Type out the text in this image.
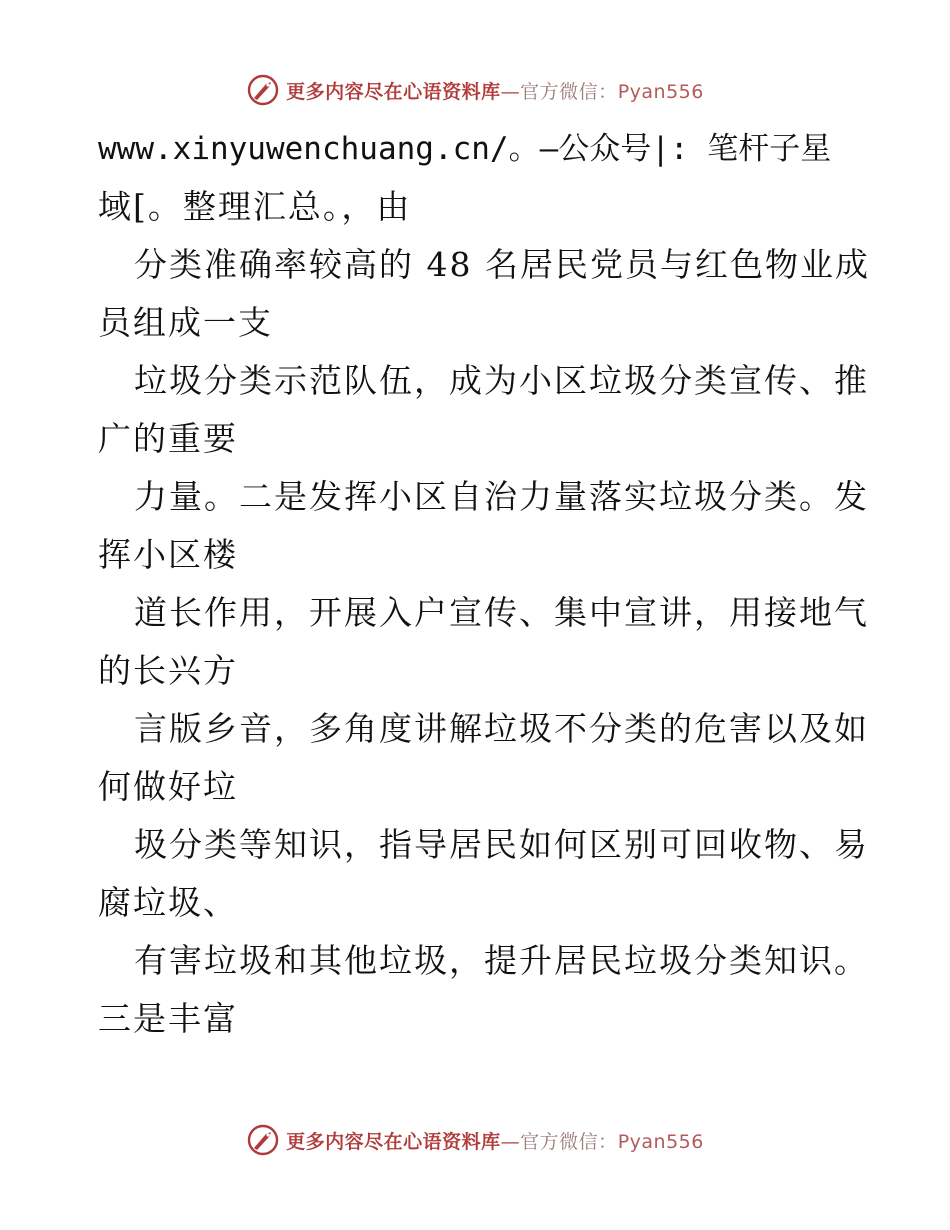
更多内容尽在心语资料库—官方微信：Pyan556
www.xinyuwenchuang.cn/。—公众号|: 笔杆子星
域[。整理汇总。，由
分类准确率较高的 48 名居民党员与红色物业成
员组成一支
垃圾分类示范队伍，成为小区垃圾分类宣传、推
广的重要
力量。二是发挥小区自治力量落实垃圾分类。发
挥小区楼
道长作用，开展入户宣传、集中宣讲，用接地气
的长兴方
言版乡音，多角度讲解垃圾不分类的危害以及如
何做好垃
圾分类等知识，指导居民如何区别可回收物、易
腐垃圾、
有害垃圾和其他垃圾，提升居民垃圾分类知识。
三是丰富
更多内容尽在心语资料库—官方微信：Pyan556
